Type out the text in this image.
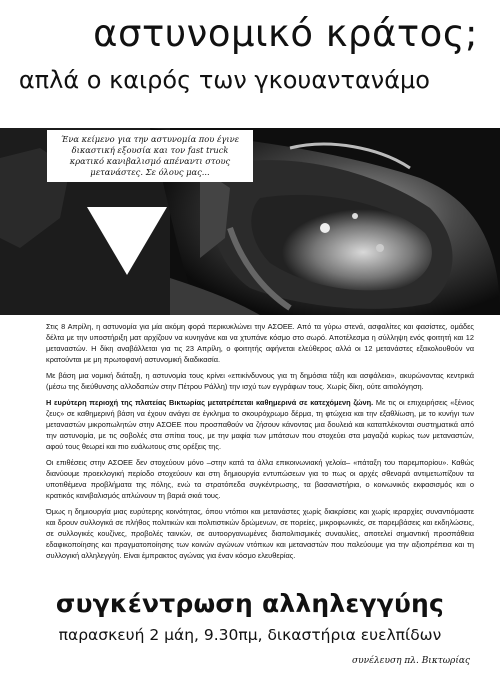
αστυνομικό κράτος;
απλά ο καιρός των γκουαντανάμο
Ένα κείμενο για την αστυνομία που έγινε δικαστική εξουσία και τον fast truck κρατικό κανιβαλισμό απέναντι στους μετανάστες. Σε όλους μας...

Στις 8 Απρίλη, η αστυνομία για μία ακόμη φορά περικυκλώνει την ΑΣΟΕΕ. Από τα γύρω στενά, ασφαλίτες και φασίστες, ομάδες δέλτα με την υποστήριξη ματ αρχίζουν να κυνηγάνε και να χτυπάνε κόσμο στο σωρό. Αποτέλεσμα η σύλληψη ενός φοιτητή και 12 μεταναστών. Η δίκη αναβάλλεται για τις 23 Απρίλη, ο φοιτητής αφήνεται ελεύθερος αλλά οι 12 μετανάστες εξακολουθούν να κρατούνται με μη πρωτοφανή αστυνομική διαδικασία.

Με βάση μια νομική διάταξη, η αστυνομία τους κρίνει «επικίνδυνους για τη δημόσια τάξη και ασφάλεια», ακυρώνοντας κεντρικά (μέσω της διεύθυνσης αλλοδαπών στην Πέτρου Ράλλη) την ισχύ των εγγράφων τους. Χωρίς δίκη, ούτε αιτιολόγηση.

Η ευρύτερη περιοχή της πλατείας Βικτωρίας μετατρέπεται καθημερινά σε κατεχόμενη ζώνη. Με τις οι επιχειρήσεις «ξένιος ζευς» σε καθημερινή βάση να έχουν ανάγει σε έγκλημα το σκουρόχρωμο δέρμα, τη φτώχεια και την εξαθλίωση, με το κυνήγι των μεταναστών μικροπωλητών στην ΑΣΟΕΕ που προσπαθούν να ζήσουν κάνοντας μια δουλειά και καταπλέκονται συστηματικά από την αστυνομία, με τις σοβολές στα σπίτια τους, με την μαφία των μπάτσων που στοχεύει στα μαγαζιά κυρίως των μεταναστών, αφού τους θεωρεί και πιο ευάλωτους στις ορέξεις της.

Οι επιθέσεις στην ΑΣΟΕΕ δεν στοχεύουν μόνο –στην κατά τα άλλα επικοινωνιακή γελοία– «πάταξη του παρεμπορίου». Καθώς διανύουμε προεκλογική περίοδο στοχεύουν και στη δημιουργία εντυπώσεων για το πως οι αρχές σθεναρά αντιμετωπίζουν τα υποτιθέμενα προβλήματα της πόλης, ενώ τα στρατόπεδα συγκέντρωσης, τα βασανιστήρια, ο κοινωνικός εκφασισμός και ο κρατικός κανιβαλισμός απλώνουν τη βαριά σκιά τους.

Όμως η δημιουργία μιας ευρύτερης κοινότητας, όπου ντόπιοι και μετανάστες χωρίς διακρίσεις και χωρίς ιεραρχίες συναντιόμαστε και δρουν συλλογικά σε πλήθος πολιτικών και πολιτιστικών δρώμενων, σε πορείες, μικροφωνικές, σε παρεμβάσεις και εκδηλώσεις, σε συλλογικές κουζίνες, προβολές ταινιών, σε αυτοοργανωμένες διαπολιτισμικές συναυλίες, αποτελεί σημαντική προσπάθεια εδαφικοποίησης και πραγματοποίησης των κοινών αγώνων ντόπιων και μεταναστών που παλεύουμε για την αξιοπρέπεια και τη συλλογική αλληλεγγύη. Είναι έμπρακτος αγώνας για έναν κόσμο ελευθερίας.

συγκέντρωση αλληλεγγύης
παρασκευή 2 μάη, 9.30πμ, δικαστήρια ευελπίδων
συνέλευση πλ. Βικτωρίας
